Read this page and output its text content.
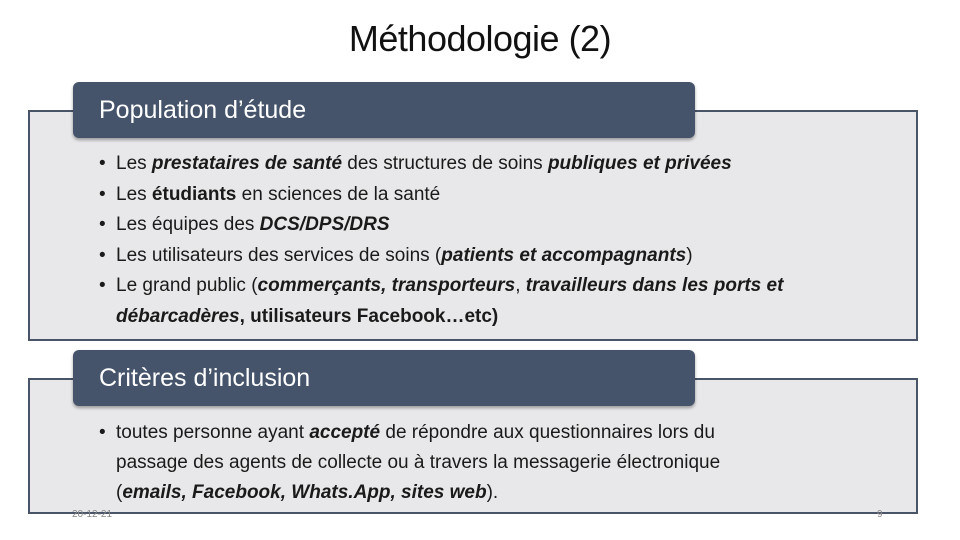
Méthodologie (2)
Population d’étude
• Les prestataires de santé des structures de soins publiques et privées
• Les étudiants en sciences de la santé
• Les équipes des DCS/DPS/DRS
• Les utilisateurs des services de soins (patients et accompagnants)
• Le grand public (commerçants, transporteurs, travailleurs dans les ports et
débarcadères, utilisateurs Facebook…etc)
Critères d’inclusion
• toutes personne ayant accepté de répondre aux questionnaires lors du
passage des agents de collecte ou à travers la messagerie électronique
(emails, Facebook, Whats.App, sites web).
20-12-21	9
